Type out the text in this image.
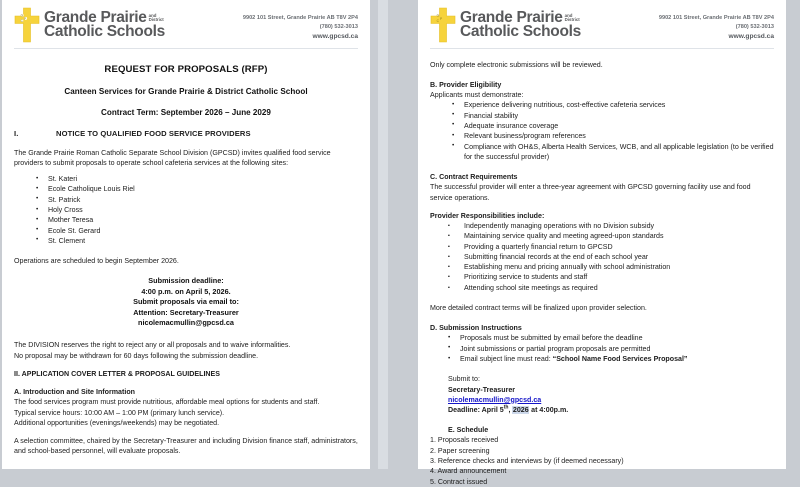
G
P
C Grande Prairie and
District
Catholic Schools
9902 101 Street, Grande Prairie AB T8V 2P4
(780) 532-3013
www.gpcsd.ca
REQUEST FOR PROPOSALS (RFP)
Canteen Services for Grande Prairie & District Catholic School
Contract Term: September 2026 – June 2029
I.	NOTICE TO QUALIFIED FOOD SERVICE PROVIDERS
The Grande Prairie Roman Catholic Separate School Division (GPCSD) invites qualified food service providers to submit proposals to operate school cafeteria services at the following sites:
• St. Kateri
• Ecole Catholique Louis Riel
• St. Patrick
• Holy Cross
• Mother Teresa
• Ecole St. Gerard
• St. Clement
Operations are scheduled to begin September 2026.
Submission deadline:
4:00 p.m. on April 5, 2026.
Submit proposals via email to:
Attention: Secretary-Treasurer
nicolemacmullin@gpcsd.ca
The DIVISION reserves the right to reject any or all proposals and to waive informalities.
No proposal may be withdrawn for 60 days following the submission deadline.
II. APPLICATION COVER LETTER & PROPOSAL GUIDELINES
A. Introduction and Site Information
The food services program must provide nutritious, affordable meal options for students and staff.
Typical service hours: 10:00 AM – 1:00 PM (primary lunch service).
Additional opportunities (evenings/weekends) may be negotiated.
A selection committee, chaired by the Secretary-Treasurer and including Division finance staff, administrators, and school-based personnel, will evaluate proposals.
G
P
C Grande Prairie and
District
Catholic Schools
9902 101 Street, Grande Prairie AB T8V 2P4
(780) 532-3013
www.gpcsd.ca
Only complete electronic submissions will be reviewed.
B. Provider Eligibility
Applicants must demonstrate:
• Experience delivering nutritious, cost-effective cafeteria services
• Financial stability
• Adequate insurance coverage
• Relevant business/program references
• Compliance with OH&S, Alberta Health Services, WCB, and all applicable legislation (to be verified for the successful provider)
C. Contract Requirements
The successful provider will enter a three-year agreement with GPCSD governing facility use and food service operations.
Provider Responsibilities include:
▪ Independently managing operations with no Division subsidy
▪ Maintaining service quality and meeting agreed-upon standards
▪ Providing a quarterly financial return to GPCSD
▪ Submitting financial records at the end of each school year
▪ Establishing menu and pricing annually with school administration
▪ Prioritizing service to students and staff
▪ Attending school site meetings as required
More detailed contract terms will be finalized upon provider selection.
D. Submission Instructions
• Proposals must be submitted by email before the deadline
• Joint submissions or partial program proposals are permitted
• Email subject line must read: “School Name Food Services Proposal”
Submit to:
Secretary-Treasurer
nicolemacmullin@gpcsd.ca
Deadline: April 5th, 2026 at 4:00p.m.
E. Schedule
1. Proposals received
2. Paper screening
3. Reference checks and interviews by (if deemed necessary)
4. Award announcement
5. Contract issued
